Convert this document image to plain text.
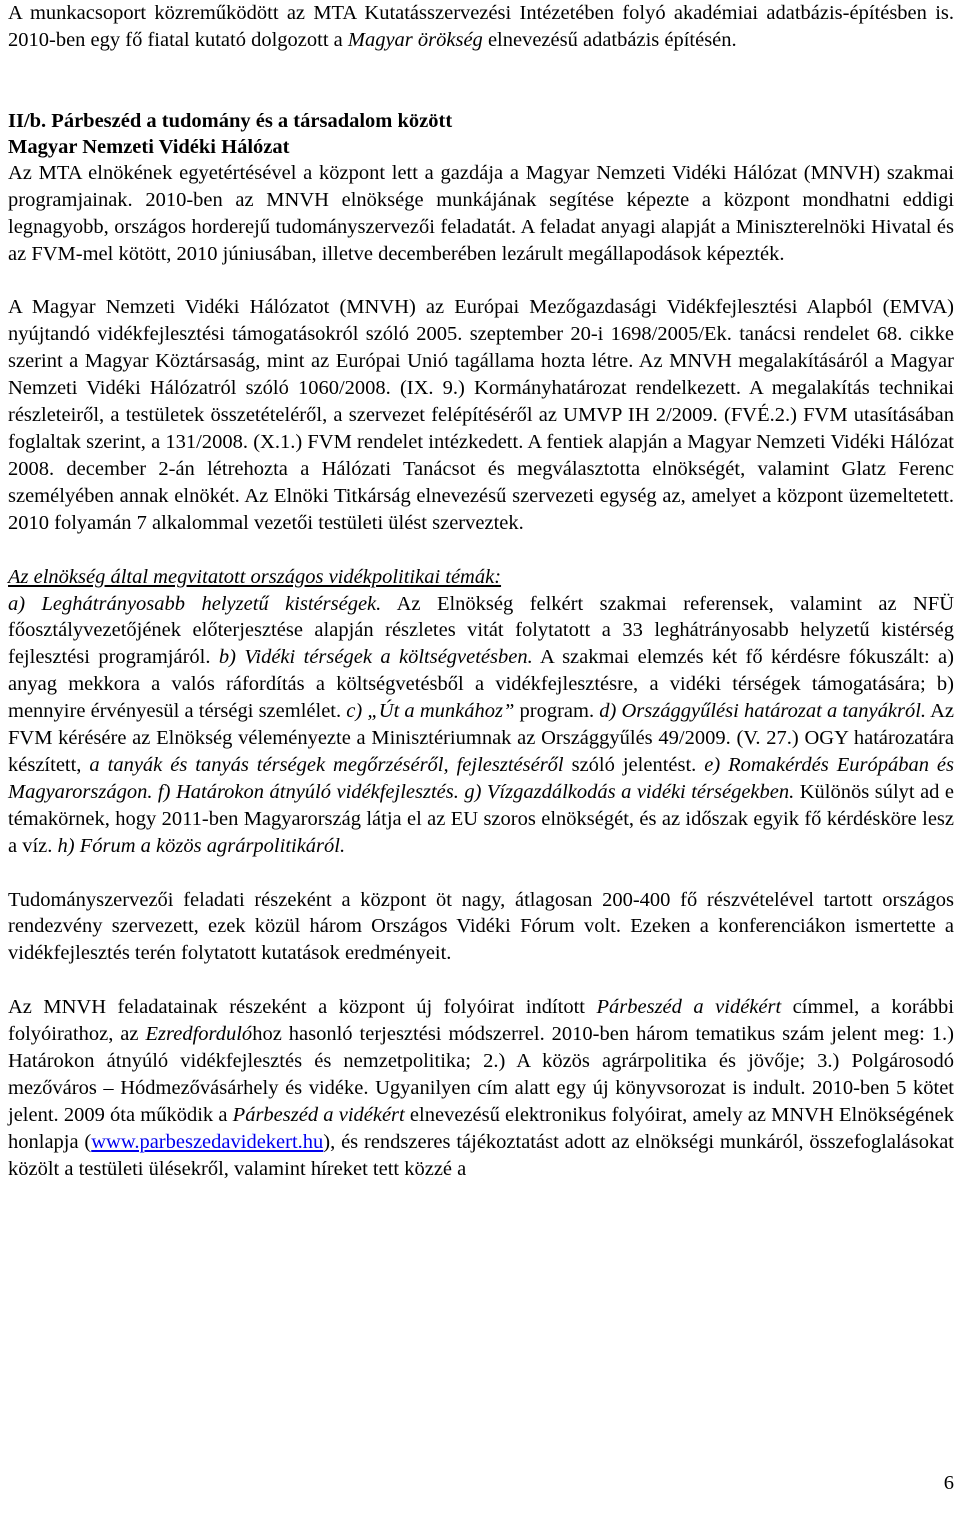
A munkacsoport közreműködött az MTA Kutatásszervezési Intézetében folyó akadémiai adatbázis-építésben is. 2010-ben egy fő fiatal kutató dolgozott a Magyar örökség elnevezésű adatbázis építésén.

II/b. Párbeszéd a tudomány és a társadalom között
Magyar Nemzeti Vidéki Hálózat

Az MTA elnökének egyetértésével a központ lett a gazdája a Magyar Nemzeti Vidéki Hálózat (MNVH) szakmai programjainak. 2010-ben az MNVH elnöksége munkájának segítése képezte a központ mondhatni eddigi legnagyobb, országos horderejű tudományszervezői feladatát. A feladat anyagi alapját a Miniszterelnöki Hivatal és az FVM-mel kötött, 2010 júniusában, illetve decemberében lezárult megállapodások képezték.

A Magyar Nemzeti Vidéki Hálózatot (MNVH) az Európai Mezőgazdasági Vidékfejlesztési Alapból (EMVA) nyújtandó vidékfejlesztési támogatásokról szóló 2005. szeptember 20-i 1698/2005/Ek. tanácsi rendelet 68. cikke szerint a Magyar Köztársaság, mint az Európai Unió tagállama hozta létre. Az MNVH megalakításáról a Magyar Nemzeti Vidéki Hálózatról szóló 1060/2008. (IX. 9.) Kormányhatározat rendelkezett. A megalakítás technikai részleteiről, a testületek összetételéről, a szervezet felépítéséről az UMVP IH 2/2009. (FVÉ.2.) FVM utasításában foglaltak szerint, a 131/2008. (X.1.) FVM rendelet intézkedett. A fentiek alapján a Magyar Nemzeti Vidéki Hálózat 2008. december 2-án létrehozta a Hálózati Tanácsot és megválasztotta elnökségét, valamint Glatz Ferenc személyében annak elnökét. Az Elnöki Titkárság elnevezésű szervezeti egység az, amelyet a központ üzemeltetett. 2010 folyamán 7 alkalommal vezetői testületi ülést szerveztek.

Az elnökség által megvitatott országos vidékpolitikai témák:

a) Leghátrányosabb helyzetű kistérségek. Az Elnökség felkért szakmai referensek, valamint az NFÜ főosztályvezetőjének előterjesztése alapján részletes vitát folytatott a 33 leghátrányosabb helyzetű kistérség fejlesztési programjáról. b) Vidéki térségek a költségvetésben. A szakmai elemzés két fő kérdésre fókuszált: a) anyag mekkora a valós ráfordítás a költségvetésből a vidékfejlesztésre, a vidéki térségek támogatására; b) mennyire érvényesül a térségi szemlélet. c) „Út a munkához” program. d) Országgyűlési határozat a tanyákról. Az FVM kérésére az Elnökség véleményezte a Minisztériumnak az Országgyűlés 49/2009. (V. 27.) OGY határozatára készített, a tanyák és tanyás térségek megőrzéséről, fejlesztéséről szóló jelentést. e) Romakérdés Európában és Magyarországon. f) Határokon átnyúló vidékfejlesztés. g) Vízgazdálkodás a vidéki térségekben. Különös súlyt ad e témakörnek, hogy 2011-ben Magyarország látja el az EU szoros elnökségét, és az időszak egyik fő kérdésköre lesz a víz. h) Fórum a közös agrárpolitikáról.

Tudományszervezői feladati részeként a központ öt nagy, átlagosan 200-400 fő részvételével tartott országos rendezvény szervezett, ezek közül három Országos Vidéki Fórum volt. Ezeken a konferenciákon ismertette a vidékfejlesztés terén folytatott kutatások eredményeit.

Az MNVH feladatainak részeként a központ új folyóirat indított Párbeszéd a vidékért címmel, a korábbi folyóirathoz, az Ezredfordulóhoz hasonló terjesztési módszerrel. 2010-ben három tematikus szám jelent meg: 1.) Határokon átnyúló vidékfejlesztés és nemzetpolitika; 2.) A közös agrárpolitika és jövője; 3.) Polgárosodó mezőváros – Hódmezővásárhely és vidéke. Ugyanilyen cím alatt egy új könyvsorozat is indult. 2010-ben 5 kötet jelent. 2009 óta működik a Párbeszéd a vidékért elnevezésű elektronikus folyóirat, amely az MNVH Elnökségének honlapja (www.parbeszedavidekert.hu), és rendszeres tájékoztatást adott az elnökségi munkáról, összefoglalásokat közölt a testületi ülésekről, valamint híreket tett közzé a

6
